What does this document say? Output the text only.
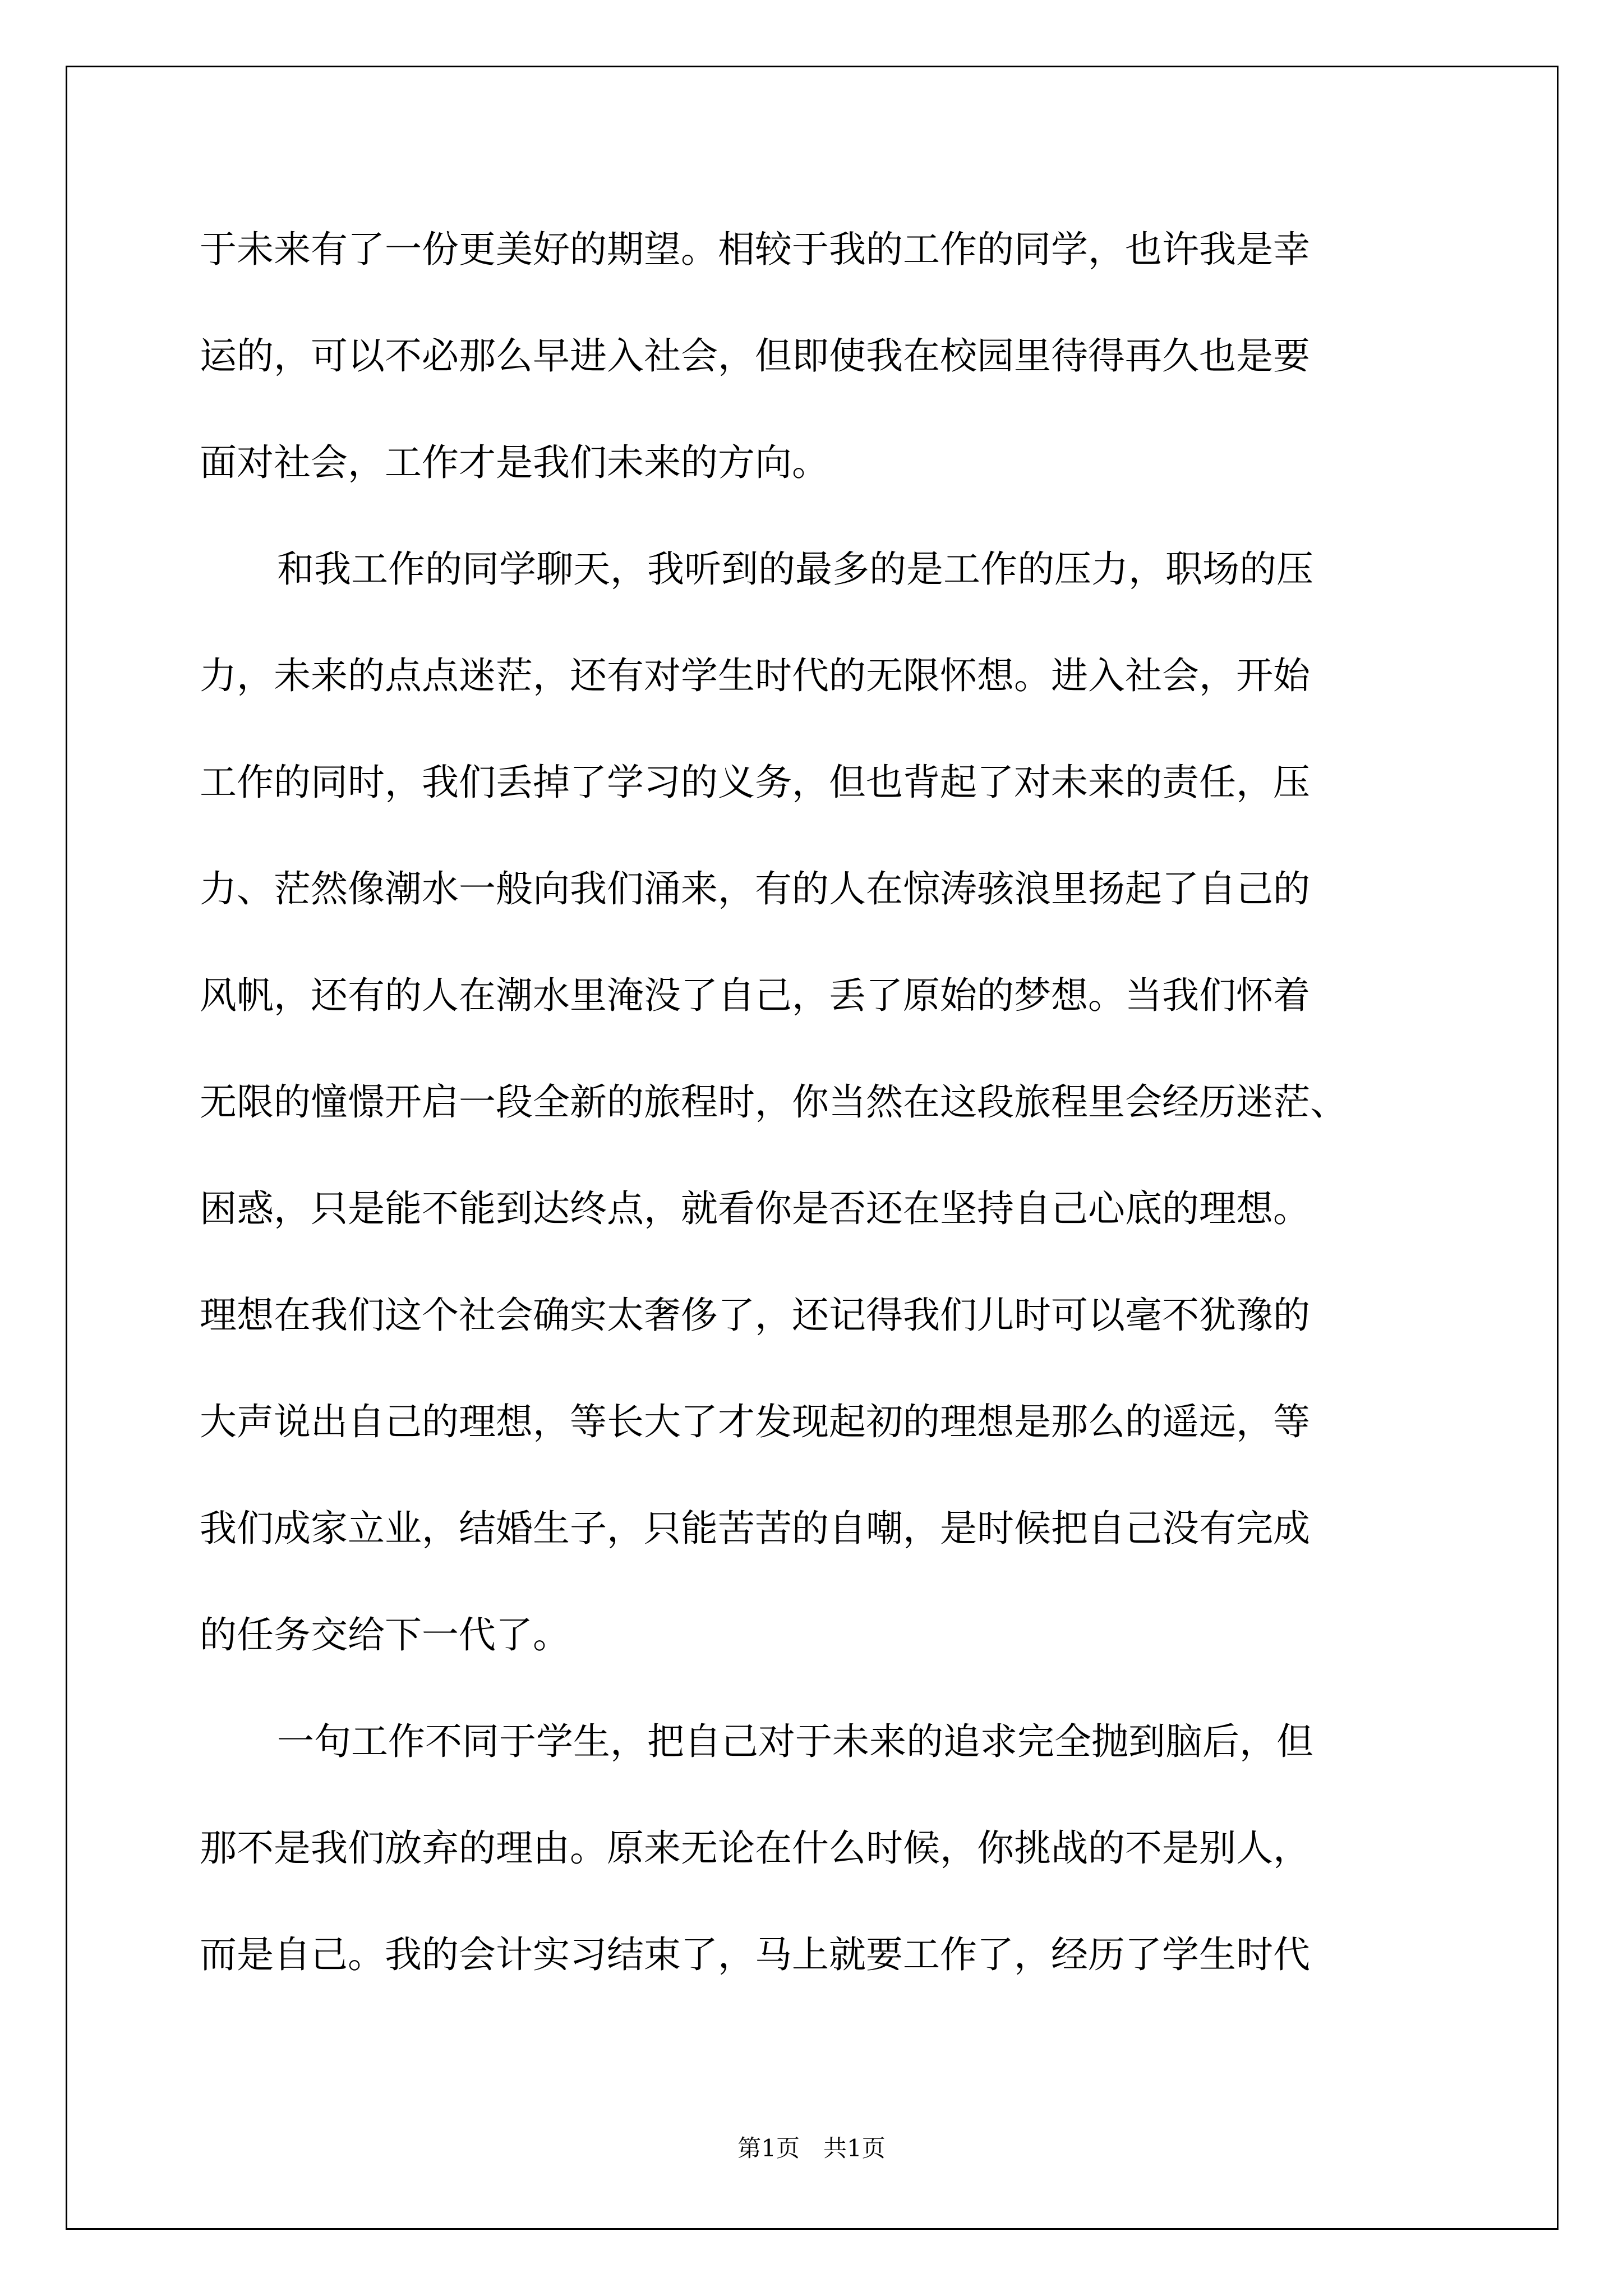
于未来有了一份更美好的期望。相较于我的工作的同学，也许我是幸

运的，可以不必那么早进入社会，但即使我在校园里待得再久也是要

面对社会，工作才是我们未来的方向。

和我工作的同学聊天，我听到的最多的是工作的压力，职场的压

力，未来的点点迷茫，还有对学生时代的无限怀想。进入社会，开始

工作的同时，我们丢掉了学习的义务，但也背起了对未来的责任，压

力、茫然像潮水一般向我们涌来，有的人在惊涛骇浪里扬起了自己的

风帆，还有的人在潮水里淹没了自己，丢了原始的梦想。当我们怀着

无限的憧憬开启一段全新的旅程时，你当然在这段旅程里会经历迷茫、

困惑，只是能不能到达终点，就看你是否还在坚持自己心底的理想。

理想在我们这个社会确实太奢侈了，还记得我们儿时可以毫不犹豫的

大声说出自己的理想，等长大了才发现起初的理想是那么的遥远，等

我们成家立业，结婚生子，只能苦苦的自嘲，是时候把自己没有完成

的任务交给下一代了。

一句工作不同于学生，把自己对于未来的追求完全抛到脑后，但

那不是我们放弃的理由。原来无论在什么时候，你挑战的不是别人，

而是自己。我的会计实习结束了，马上就要工作了，经历了学生时代

第1页　共1页
